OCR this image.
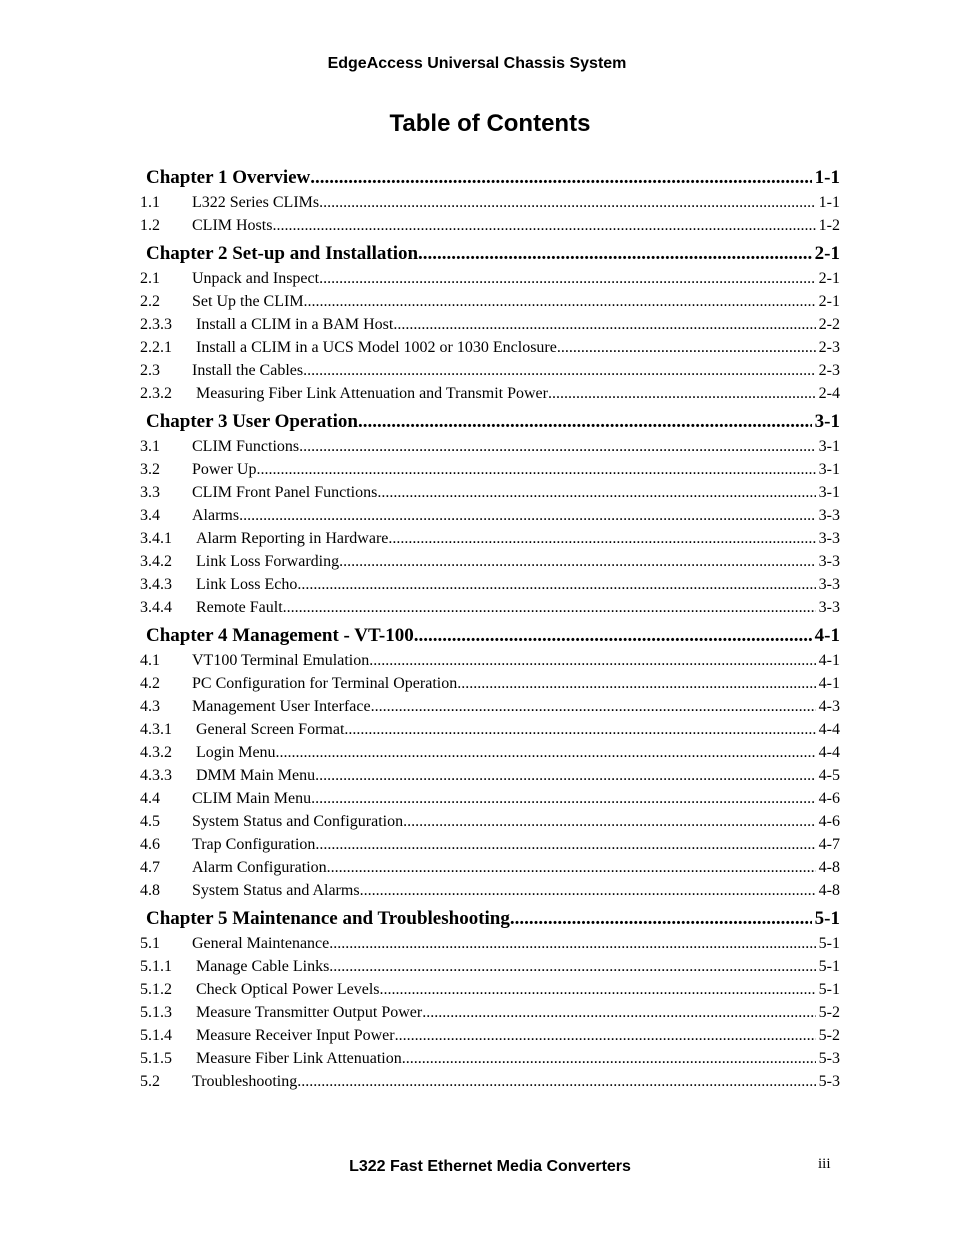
EdgeAccess Universal Chassis System
Table of Contents
Chapter 1 Overview .....	1-1
1.1	L322 Series CLIMs .....	1-1
1.2	CLIM Hosts .....	1-2
Chapter 2 Set-up and Installation .....	2-1
2.1	Unpack and Inspect .....	2-1
2.2	Set Up the CLIM .....	2-1
2.3.3	Install a CLIM in a BAM Host .....	2-2
2.2.1	Install a CLIM in a UCS Model 1002 or 1030 Enclosure .....	2-3
2.3	Install the Cables .....	2-3
2.3.2	Measuring Fiber Link Attenuation and Transmit Power .....	2-4
Chapter 3 User Operation .....	3-1
3.1	CLIM Functions .....	3-1
3.2	Power Up .....	3-1
3.3	CLIM Front Panel Functions .....	3-1
3.4	Alarms .....	3-3
3.4.1	Alarm Reporting in Hardware .....	3-3
3.4.2	Link Loss Forwarding .....	3-3
3.4.3	Link Loss Echo .....	3-3
3.4.4	Remote Fault .....	3-3
Chapter 4 Management - VT-100 .....	4-1
4.1	VT100 Terminal Emulation .....	4-1
4.2	PC Configuration for Terminal Operation .....	4-1
4.3	Management User Interface .....	4-3
4.3.1	General Screen Format .....	4-4
4.3.2	Login Menu .....	4-4
4.3.3	DMM Main Menu .....	4-5
4.4	CLIM Main Menu .....	4-6
4.5	System Status and Configuration .....	4-6
4.6	Trap Configuration .....	4-7
4.7	Alarm Configuration .....	4-8
4.8	System Status and Alarms .....	4-8
Chapter 5 Maintenance and Troubleshooting .....	5-1
5.1	General Maintenance .....	5-1
5.1.1	Manage Cable Links .....	5-1
5.1.2	Check Optical Power Levels .....	5-1
5.1.3	Measure Transmitter Output Power .....	5-2
5.1.4	Measure Receiver Input Power .....	5-2
5.1.5	Measure Fiber Link Attenuation .....	5-3
5.2	Troubleshooting .....	5-3
L322 Fast Ethernet Media Converters	iii
